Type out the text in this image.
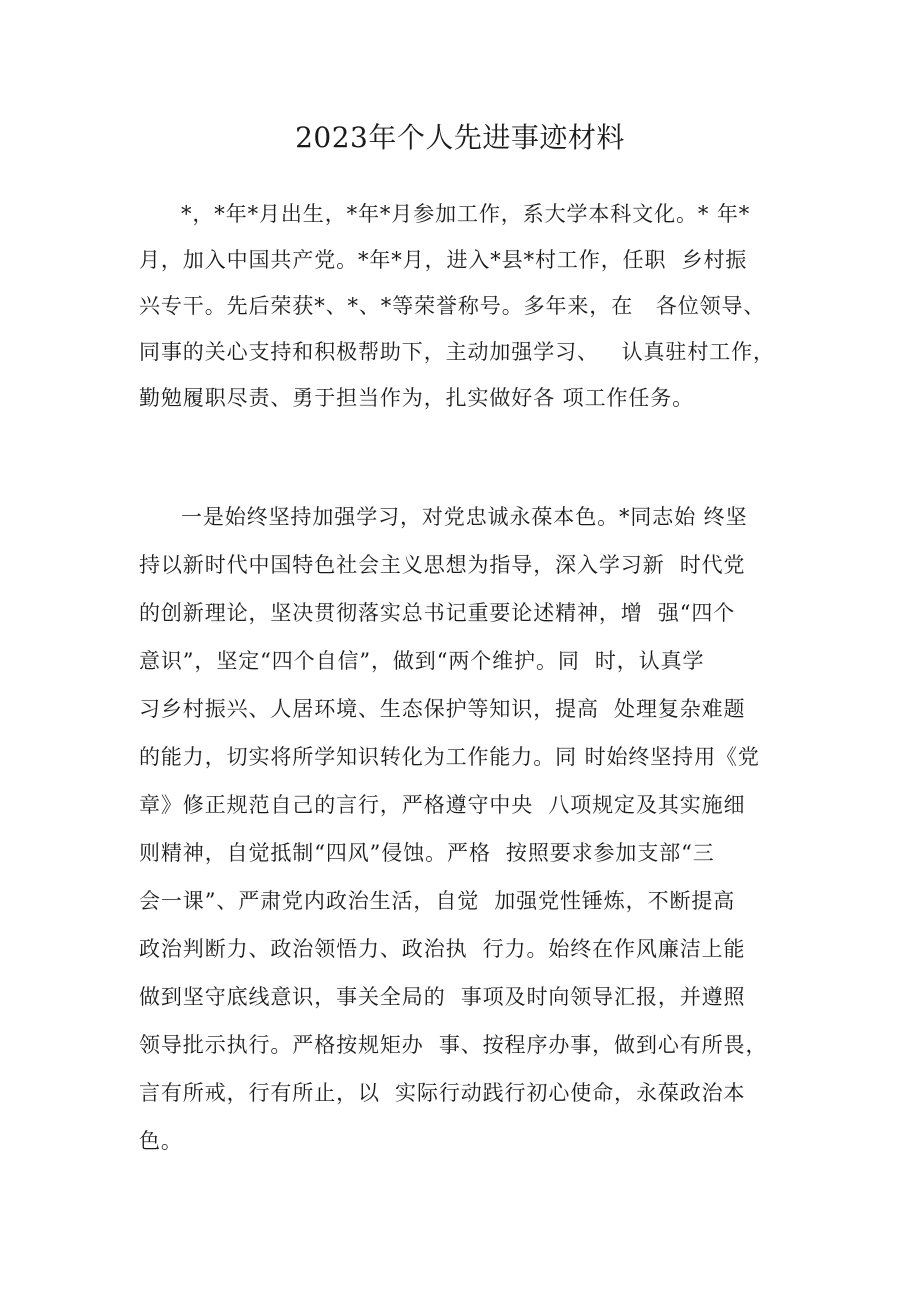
2023年个人先进事迹材料
*，*年*月出生，*年*月参加工作，系大学本科文化。* 年*
月，加入中国共产党。*年*月，进入*县*村工作，任职  乡村振
兴专干。先后荣获*、*、*等荣誉称号。多年来，在   各位领导、
同事的关心支持和积极帮助下，主动加强学习、   认真驻村工作，
勤勉履职尽责、勇于担当作为，扎实做好各 项工作任务。
一是始终坚持加强学习，对党忠诚永葆本色。*同志始 终坚
持以新时代中国特色社会主义思想为指导，深入学习新  时代党
的创新理论，坚决贯彻落实总书记重要论述精神，增  强“四个
意识”，坚定“四个自信”，做到“两个维护。同  时，认真学
习乡村振兴、人居环境、生态保护等知识，提高  处理复杂难题
的能力，切实将所学知识转化为工作能力。同 时始终坚持用《党
章》修正规范自己的言行，严格遵守中央  八项规定及其实施细
则精神，自觉抵制“四风”侵蚀。严格  按照要求参加支部“三
会一课”、严肃党内政治生活，自觉  加强党性锤炼，不断提高
政治判断力、政治领悟力、政治执  行力。始终在作风廉洁上能
做到坚守底线意识，事关全局的  事项及时向领导汇报，并遵照
领导批示执行。严格按规矩办  事、按程序办事，做到心有所畏，
言有所戒，行有所止，以  实际行动践行初心使命，永葆政治本
色。
